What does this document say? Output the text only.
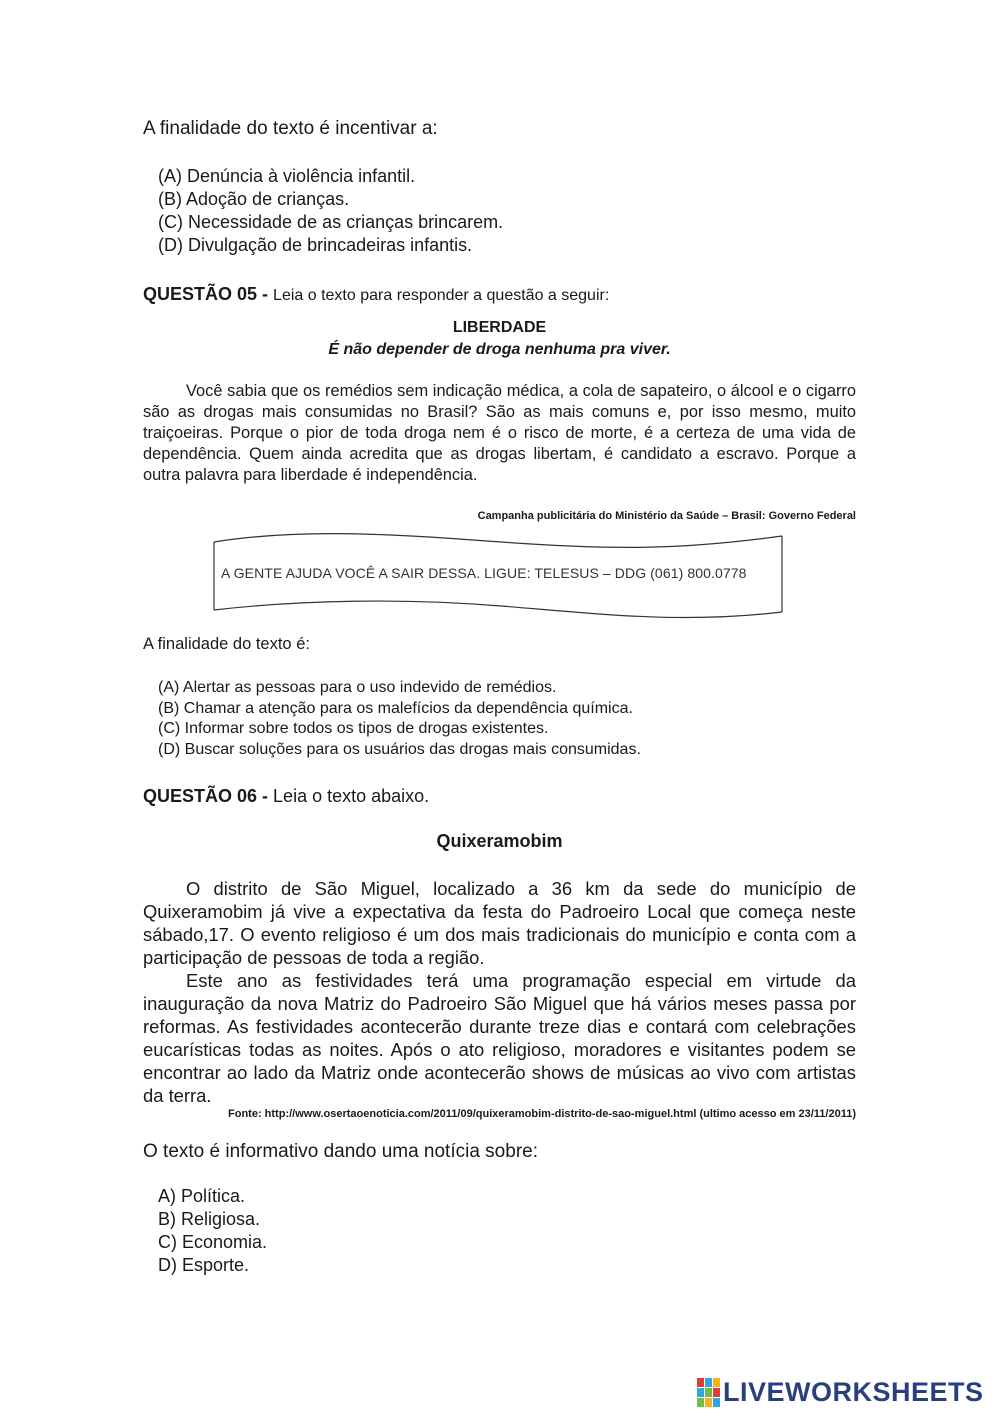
A finalidade do texto é incentivar a:
(A) Denúncia à violência infantil.
(B) Adoção de crianças.
(C) Necessidade de as crianças brincarem.
(D) Divulgação de brincadeiras infantis.
QUESTÃO 05 - Leia o texto para responder a questão a seguir:
LIBERDADE
É não depender de droga nenhuma pra viver.

Você sabia que os remédios sem indicação médica, a cola de sapateiro, o álcool e o cigarro são as drogas mais consumidas no Brasil? São as mais comuns e, por isso mesmo, muito traiçoeiras. Porque o pior de toda droga nem é o risco de morte, é a certeza de uma vida de dependência. Quem ainda acredita que as drogas libertam, é candidato a escravo. Porque a outra palavra para liberdade é independência.

Campanha publicitária do Ministério da Saúde – Brasil: Governo Federal
A GENTE AJUDA VOCÊ A SAIR DESSA. LIGUE: TELESUS – DDG (061) 800.0778
A finalidade do texto é:
(A) Alertar as pessoas para o uso indevido de remédios.
(B) Chamar a atenção para os malefícios da dependência química.
(C) Informar sobre todos os tipos de drogas existentes.
(D) Buscar soluções para os usuários das drogas mais consumidas.
QUESTÃO 06 - Leia o texto abaixo.
Quixeramobim

O distrito de São Miguel, localizado a 36 km da sede do município de Quixeramobim já vive a expectativa da festa do Padroeiro Local que começa neste sábado,17. O evento religioso é um dos mais tradicionais do município e conta com a participação de pessoas de toda a região.

Este ano as festividades terá uma programação especial em virtude da inauguração da nova Matriz do Padroeiro São Miguel que há vários meses passa por reformas. As festividades acontecerão durante treze dias e contará com celebrações eucarísticas todas as noites. Após o ato religioso, moradores e visitantes podem se encontrar ao lado da Matriz onde acontecerão shows de músicas ao vivo com artistas da terra.

Fonte: http://www.osertaoenoticia.com/2011/09/quixeramobim-distrito-de-sao-miguel.html (ultimo acesso em 23/11/2011)
O texto é informativo dando uma notícia sobre:
A) Política.
B) Religiosa.
C) Economia.
D) Esporte.
LIVEWORKSHEETS
